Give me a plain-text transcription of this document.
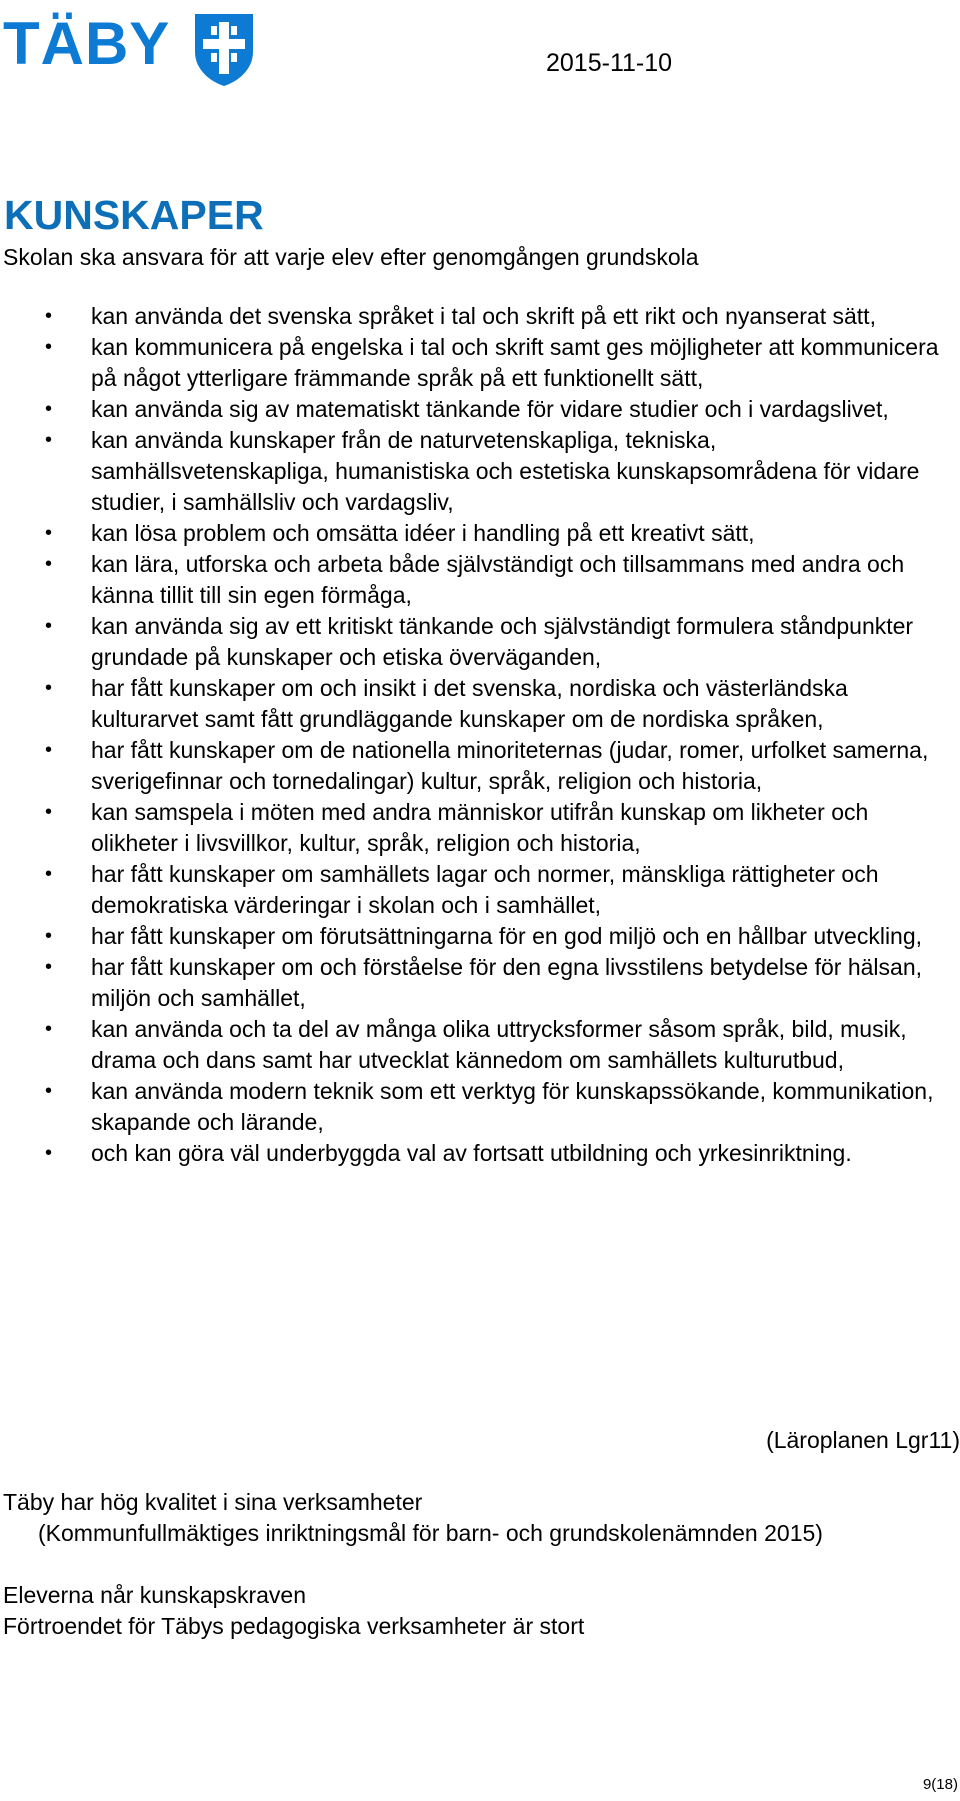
TÄBY	2015-11-10
KUNSKAPER

Skolan ska ansvara för att varje elev efter genomgången grundskola

• kan använda det svenska språket i tal och skrift på ett rikt och nyanserat sätt,
• kan kommunicera på engelska i tal och skrift samt ges möjligheter att kommunicera på något ytterligare främmande språk på ett funktionellt sätt,
• kan använda sig av matematiskt tänkande för vidare studier och i vardagslivet,
• kan använda kunskaper från de naturvetenskapliga, tekniska, samhällsvetenskapliga, humanistiska och estetiska kunskapsområdena för vidare studier, i samhällsliv och vardagsliv,
• kan lösa problem och omsätta idéer i handling på ett kreativt sätt,
• kan lära, utforska och arbeta både självständigt och tillsammans med andra och känna tillit till sin egen förmåga,
• kan använda sig av ett kritiskt tänkande och självständigt formulera ståndpunkter grundade på kunskaper och etiska överväganden,
• har fått kunskaper om och insikt i det svenska, nordiska och västerländska kulturarvet samt fått grundläggande kunskaper om de nordiska språken,
• har fått kunskaper om de nationella minoriteternas (judar, romer, urfolket samerna, sverigefinnar och tornedalingar) kultur, språk, religion och historia,
• kan samspela i möten med andra människor utifrån kunskap om likheter och olikheter i livsvillkor, kultur, språk, religion och historia,
• har fått kunskaper om samhällets lagar och normer, mänskliga rättigheter och demokratiska värderingar i skolan och i samhället,
• har fått kunskaper om förutsättningarna för en god miljö och en hållbar utveckling,
• har fått kunskaper om och förståelse för den egna livsstilens betydelse för hälsan, miljön och samhället,
• kan använda och ta del av många olika uttrycksformer såsom språk, bild, musik, drama och dans samt har utvecklat kännedom om samhällets kulturutbud,
• kan använda modern teknik som ett verktyg för kunskapssökande, kommunikation, skapande och lärande,
• och kan göra väl underbyggda val av fortsatt utbildning och yrkesinriktning.
(Läroplanen Lgr11)
Täby har hög kvalitet i sina verksamheter
(Kommunfullmäktiges inriktningsmål för barn- och grundskolenämnden 2015)
Eleverna når kunskapskraven
Förtroendet för Täbys pedagogiska verksamheter är stort
9(18)
